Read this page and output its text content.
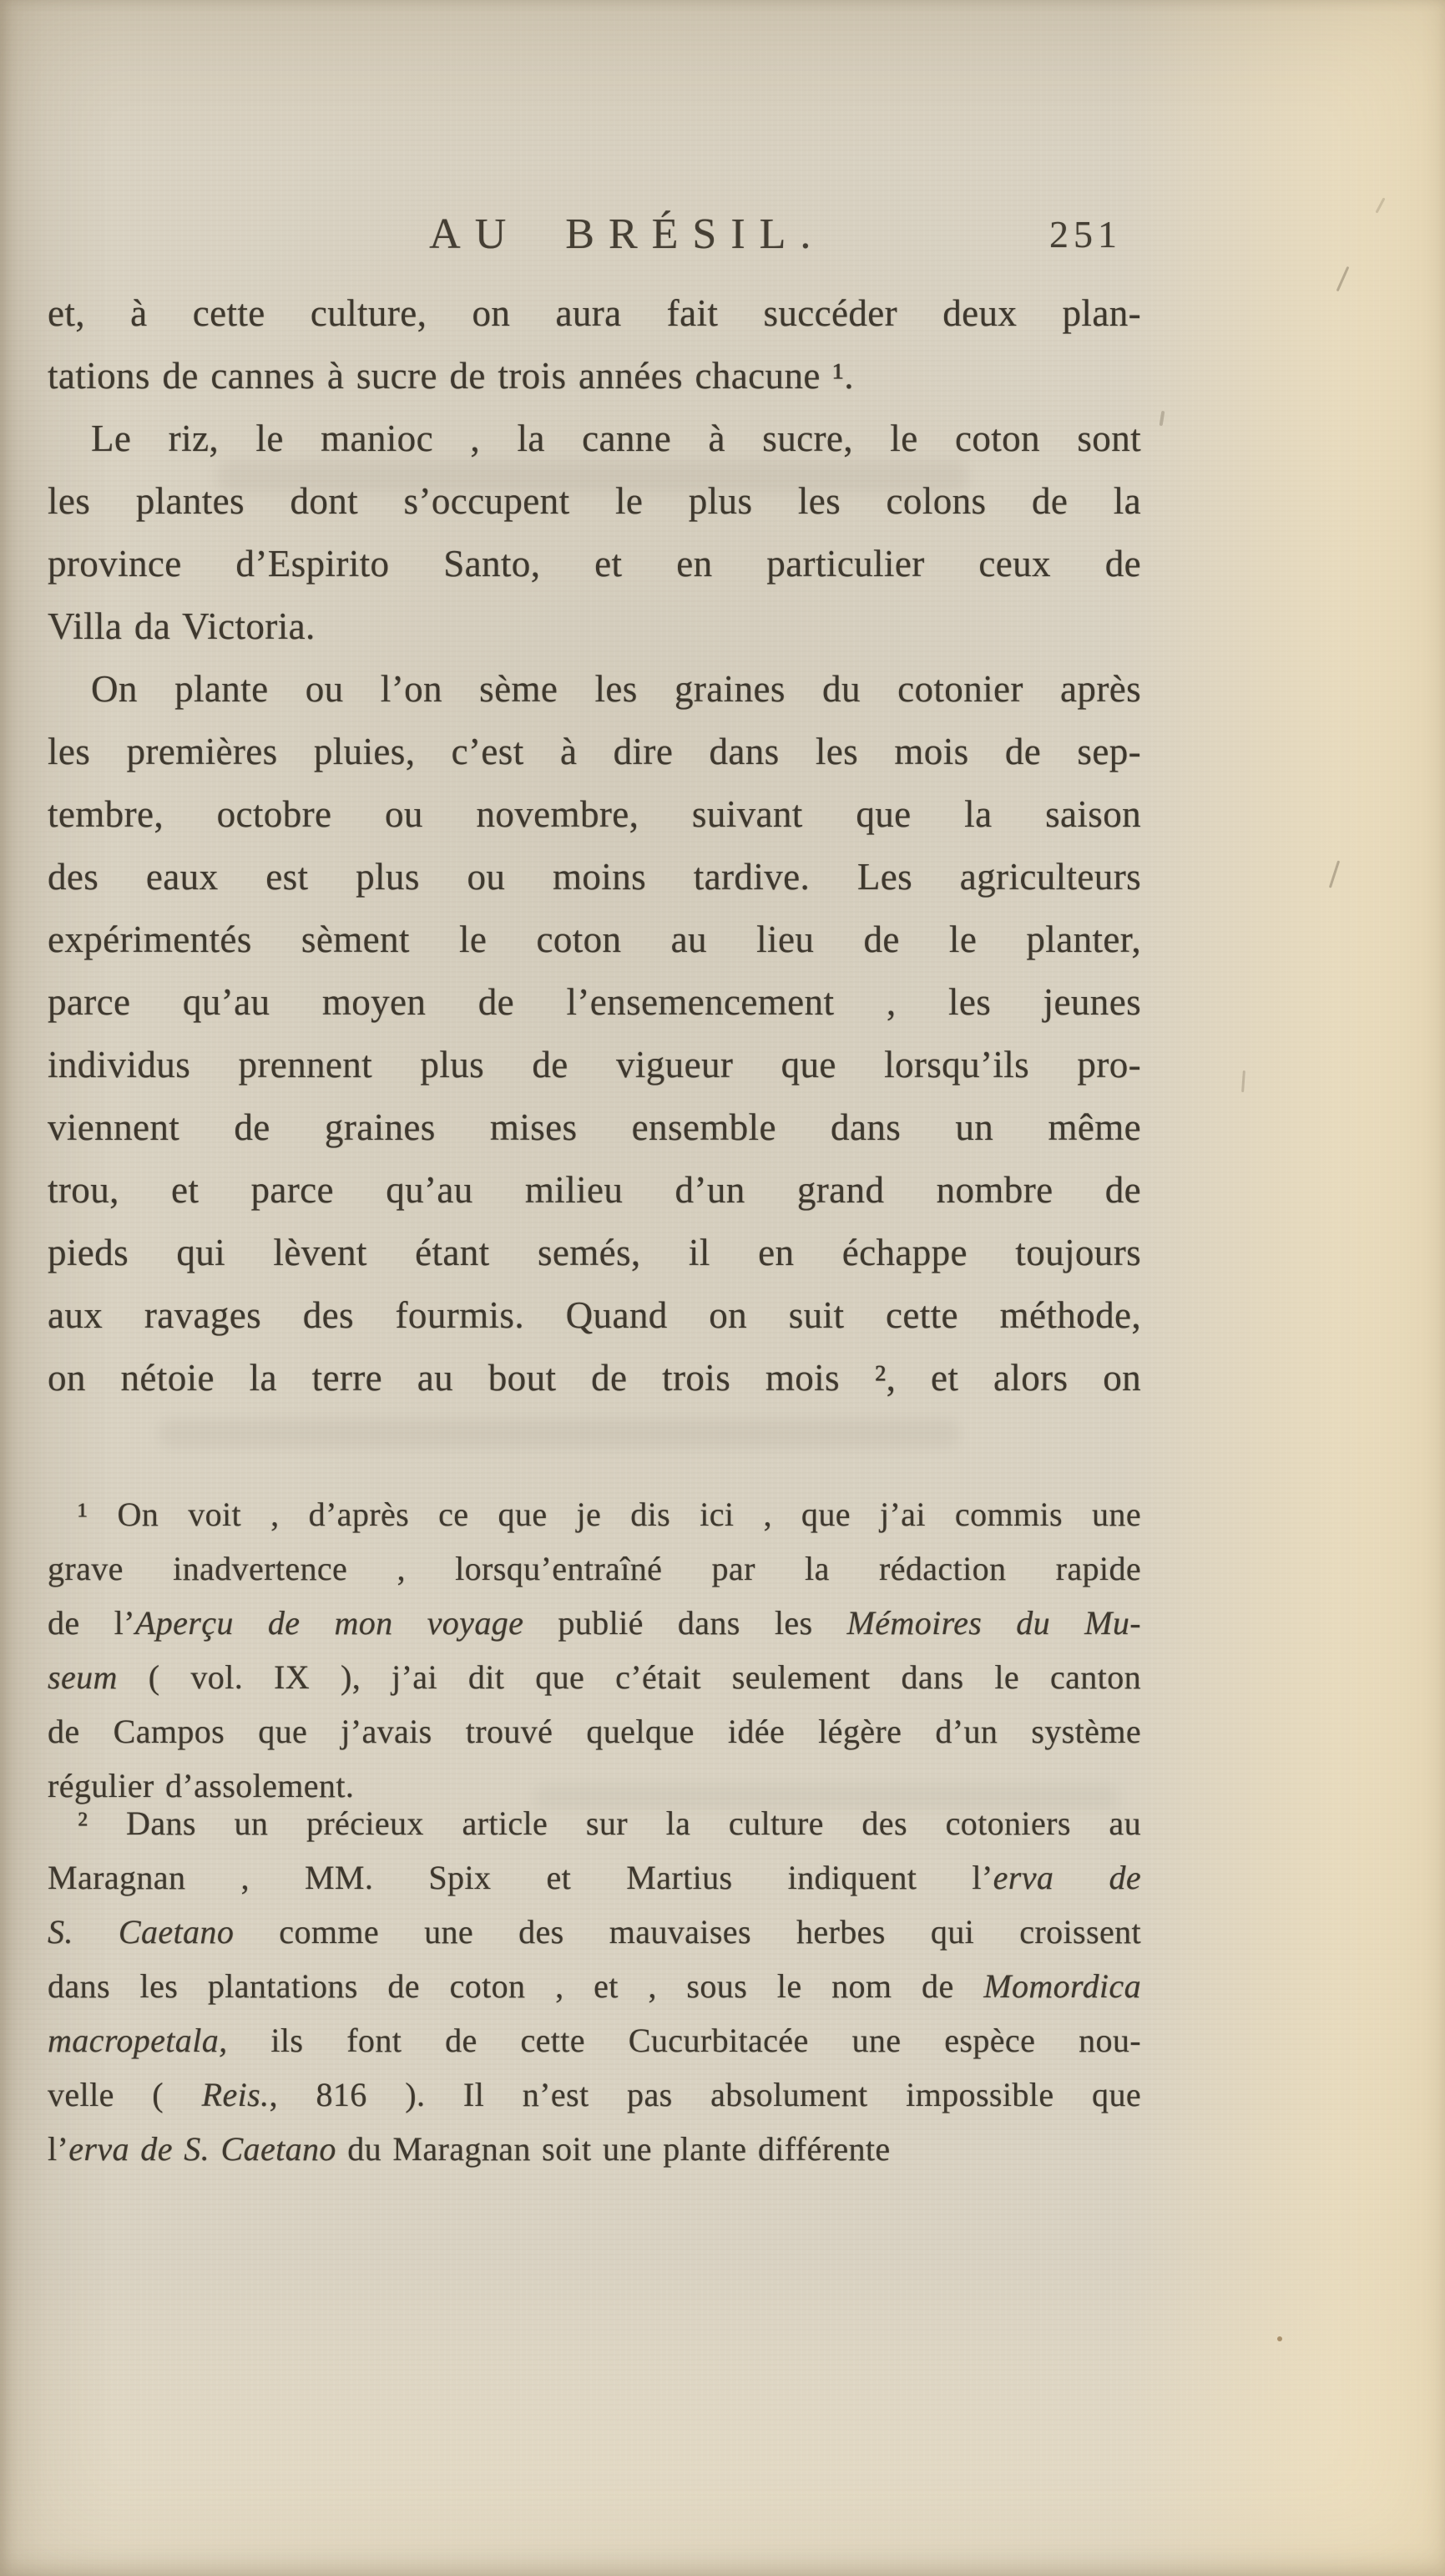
AU BRÉSIL.	251
et, à cette culture, on aura fait succéder deux plan-
tations de cannes à sucre de trois années chacune ¹.
Le riz, le manioc , la canne à sucre, le coton sont
les plantes dont s’occupent le plus les colons de la
province d’Espirito Santo, et en particulier ceux de
Villa da Victoria.
On plante ou l’on sème les graines du cotonier après
les premières pluies, c’est à dire dans les mois de sep-
tembre, octobre ou novembre, suivant que la saison
des eaux est plus ou moins tardive. Les agriculteurs
expérimentés sèment le coton au lieu de le planter,
parce qu’au moyen de l’ensemencement , les jeunes
individus prennent plus de vigueur que lorsqu’ils pro-
viennent de graines mises ensemble dans un même
trou, et parce qu’au milieu d’un grand nombre de
pieds qui lèvent étant semés, il en échappe toujours
aux ravages des fourmis. Quand on suit cette méthode,
on nétoie la terre au bout de trois mois ², et alors on
¹ On voit , d’après ce que je dis ici , que j’ai commis une
grave inadvertence , lorsqu’entraîné par la rédaction rapide
de l’Aperçu de mon voyage publié dans les Mémoires du Mu-
seum ( vol. IX ), j’ai dit que c’était seulement dans le canton
de Campos que j’avais trouvé quelque idée légère d’un système
régulier d’assolement.
² Dans un précieux article sur la culture des cotoniers au
Maragnan , MM. Spix et Martius indiquent l’erva de
S. Caetano comme une des mauvaises herbes qui croissent
dans les plantations de coton , et , sous le nom de Momordica
macropetala, ils font de cette Cucurbitacée une espèce nou-
velle ( Reis., 816 ). Il n’est pas absolument impossible que
l’erva de S. Caetano du Maragnan soit une plante différente
